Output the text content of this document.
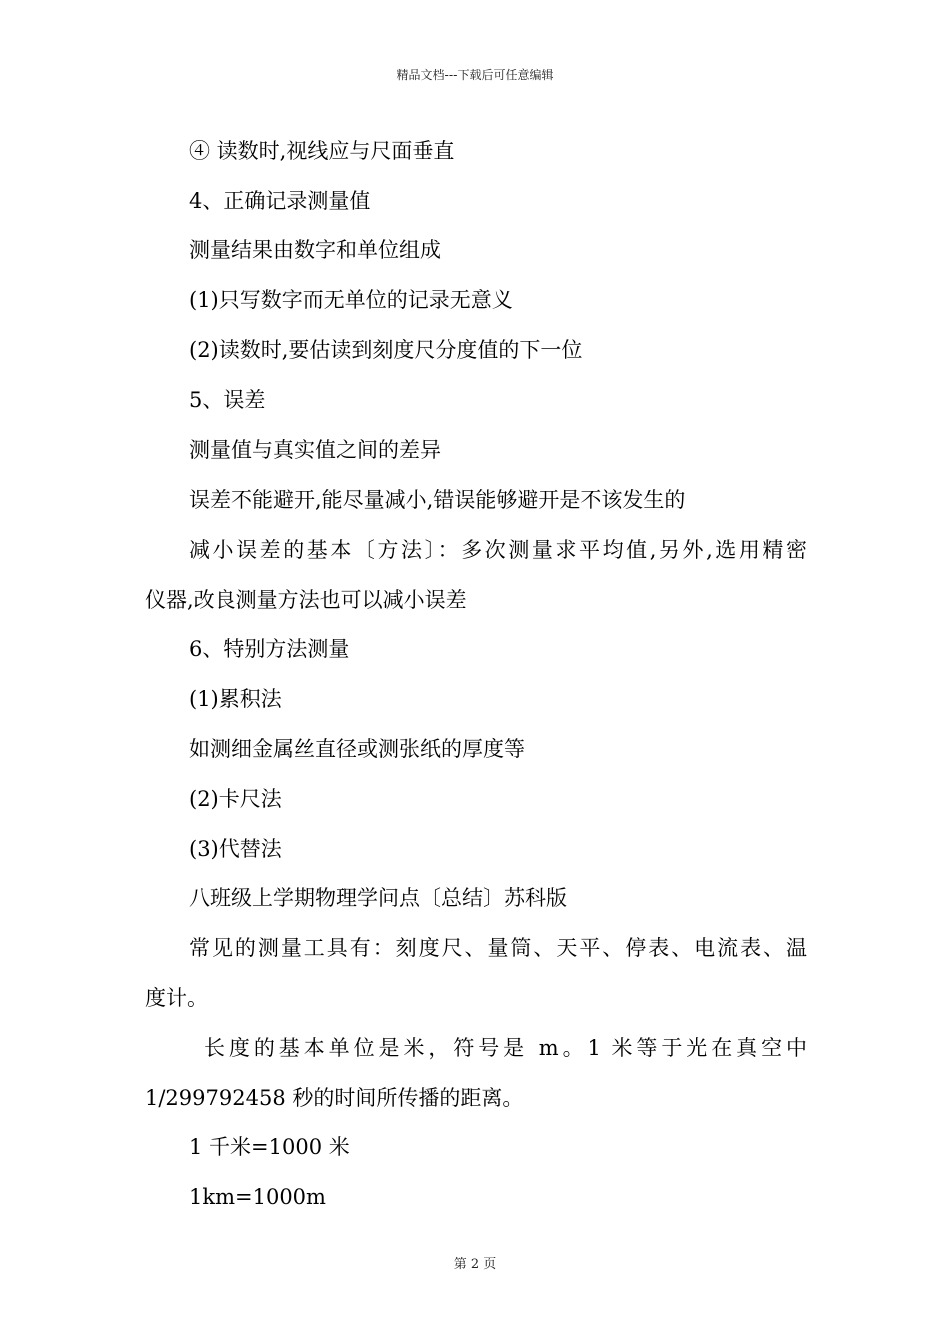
精品文档---下载后可任意编辑
④ 读数时,视线应与尺面垂直
4、正确记录测量值
测量结果由数字和单位组成
(1)只写数字而无单位的记录无意义
(2)读数时,要估读到刻度尺分度值的下一位
5、误差
测量值与真实值之间的差异
误差不能避开,能尽量减小,错误能够避开是不该发生的
减小误差的基本〔方法〕：多次测量求平均值,另外,选用精密
仪器,改良测量方法也可以减小误差
6、特别方法测量
(1)累积法
如测细金属丝直径或测张纸的厚度等
(2)卡尺法
(3)代替法
八班级上学期物理学问点〔总结〕苏科版
常见的测量工具有：刻度尺、量筒、天平、停表、电流表、温
度计。
长度的基本单位是米，符号是 m。1 米等于光在真空中
1/299792458 秒的时间所传播的距离。
1 千米=1000 米
1km=1000m
第 2 页
